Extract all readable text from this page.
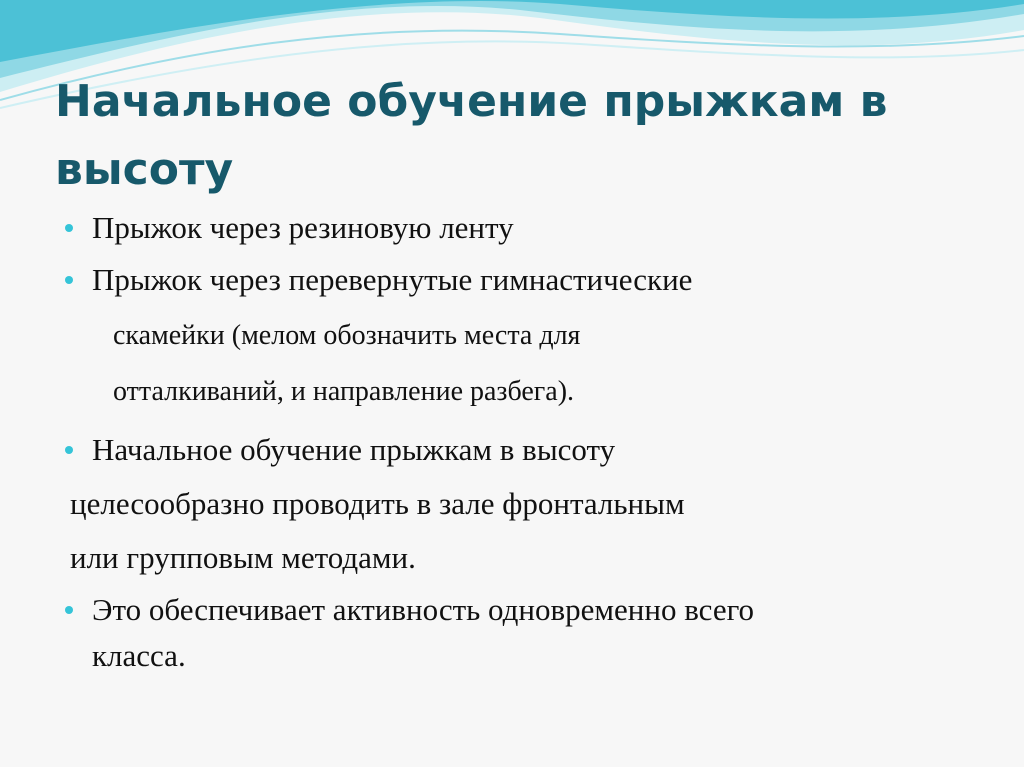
Начальное обучение прыжкам в высоту
Прыжок через резиновую ленту
Прыжок через перевернутые гимнастические
скамейки (мелом обозначить места для
отталкиваний, и направление разбега).
Начальное обучение прыжкам в высоту
целесообразно проводить в зале фронтальным
или групповым методами.
Это обеспечивает активность одновременно всего
класса.
